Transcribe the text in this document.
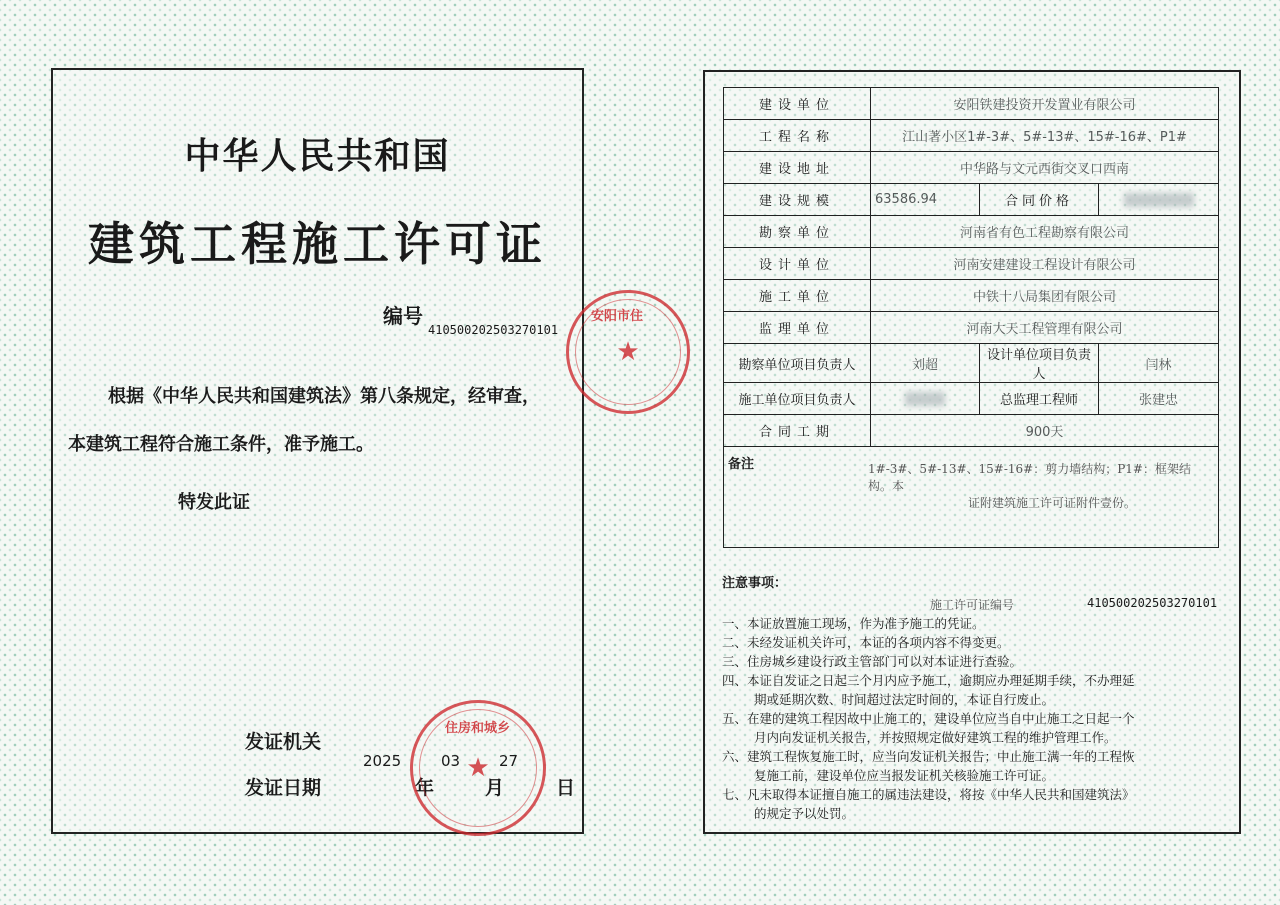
中华人民共和国
建筑工程施工许可证
编号
410500202503270101
根据《中华人民共和国建筑法》第八条规定，经审查，
本建筑工程符合施工条件，准予施工。
特发此证
发证机关
发证日期
2025	03	27
年	月	日
★
住房和城乡
★
安阳市住
建设单位	安阳铁建投资开发置业有限公司		
工程名称	江山著小区1#-3#、5#-13#、15#-16#、P1#		
建设地址	中华路与文元西街交叉口西南		
建设规模	63586.94	合同价格	
勘察单位	河南省有色工程勘察有限公司		
设计单位	河南安建建设工程设计有限公司		
施工单位	中铁十八局集团有限公司		
监理单位	河南大天工程管理有限公司		
勘察单位项目负责人	刘超	设计单位项目负责人	闫林
施工单位项目负责人		总监理工程师	张建忠
合同工期	900天		

备注 1#-3#、5#-13#、15#-16#：剪力墙结构；P1#：框架结构。本
证附建筑施工许可证附件壹份。			
注意事项：
施工许可证编号	410500202503270101
一、本证放置施工现场，作为准予施工的凭证。
二、未经发证机关许可，本证的各项内容不得变更。
三、住房城乡建设行政主管部门可以对本证进行查验。
四、本证自发证之日起三个月内应予施工，逾期应办理延期手续，不办理延
期或延期次数、时间超过法定时间的，本证自行废止。
五、在建的建筑工程因故中止施工的，建设单位应当自中止施工之日起一个
月内向发证机关报告，并按照规定做好建筑工程的维护管理工作。
六、建筑工程恢复施工时，应当向发证机关报告；中止施工满一年的工程恢
复施工前，建设单位应当报发证机关核验施工许可证。
七、凡未取得本证擅自施工的属违法建设，将按《中华人民共和国建筑法》
的规定予以处罚。
